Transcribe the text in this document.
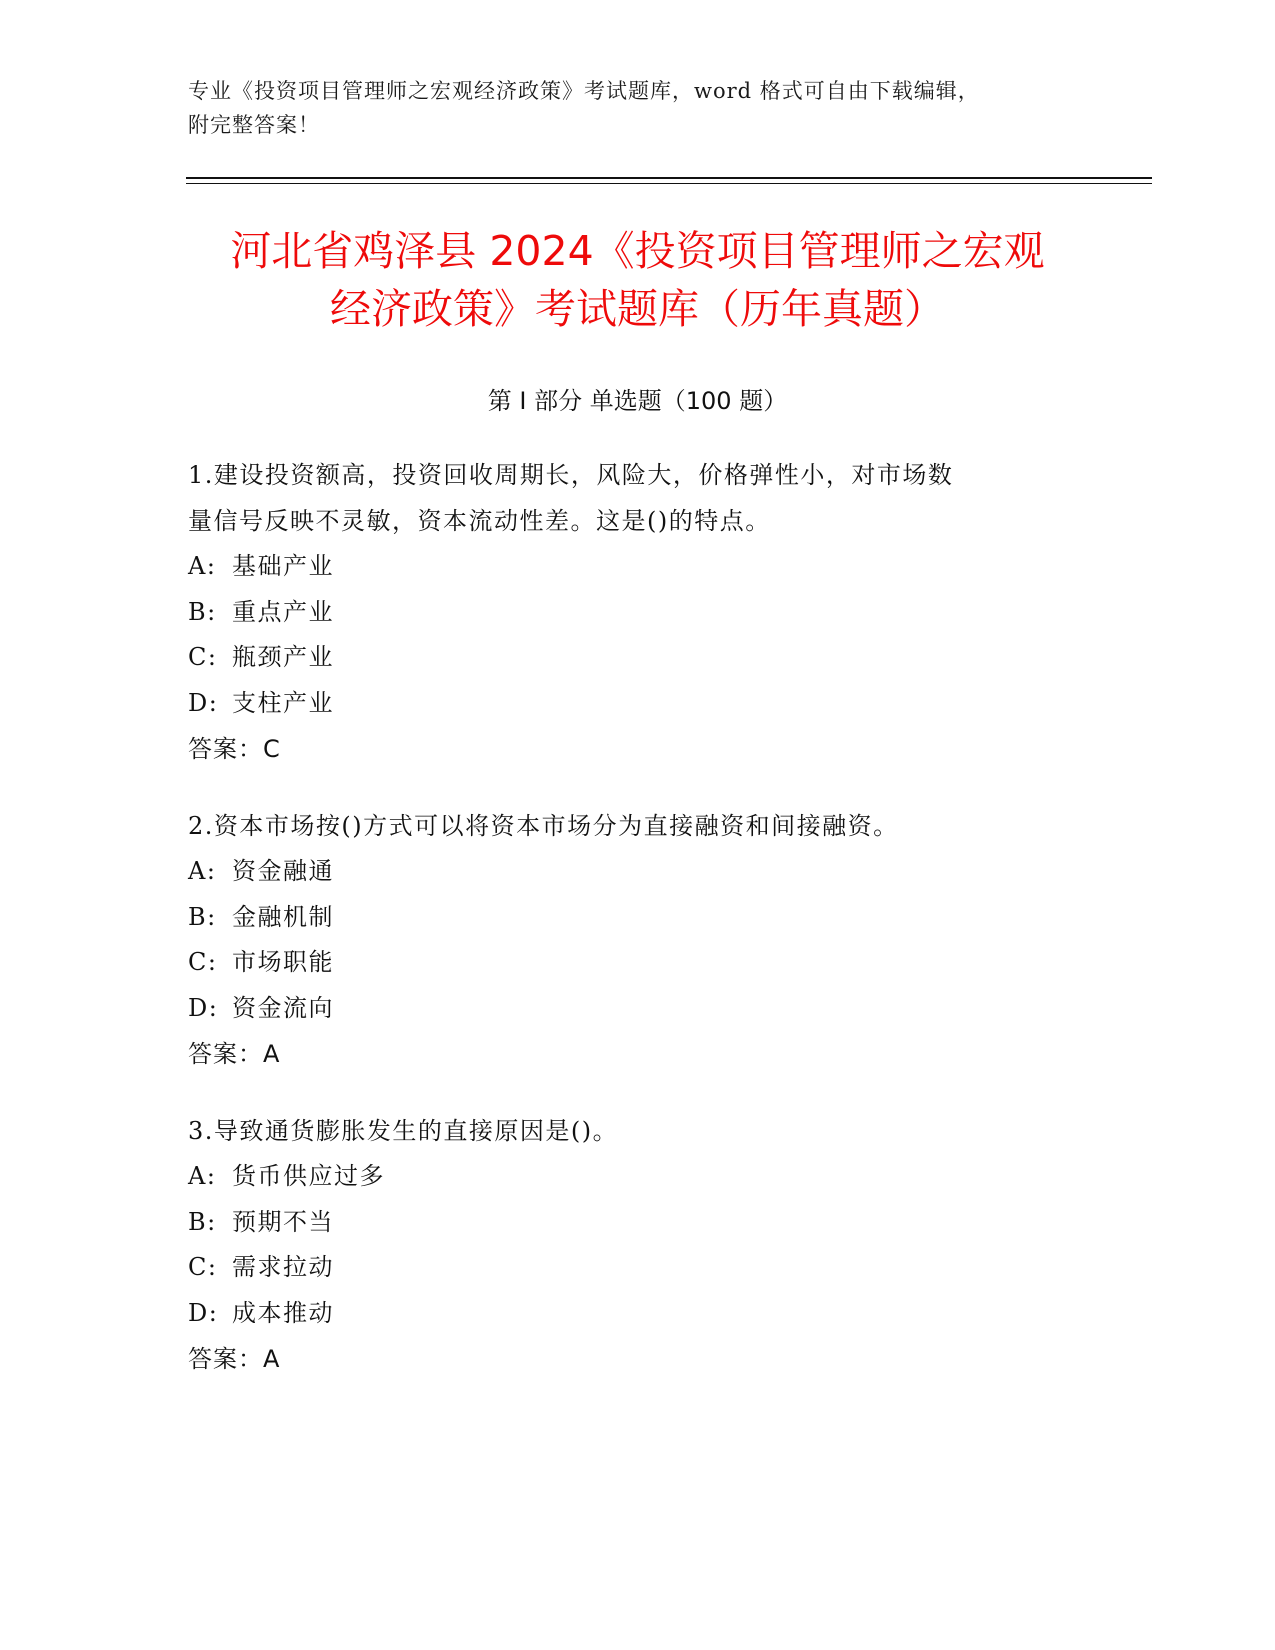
专业《投资项目管理师之宏观经济政策》考试题库，word 格式可自由下载编辑，
附完整答案！
河北省鸡泽县 2024《投资项目管理师之宏观
经济政策》考试题库（历年真题）
第 I 部分 单选题（100 题）
1.建设投资额高，投资回收周期长，风险大，价格弹性小，对市场数
量信号反映不灵敏，资本流动性差。这是()的特点。
A: 基础产业
B: 重点产业
C: 瓶颈产业
D: 支柱产业
答案：C
2.资本市场按()方式可以将资本市场分为直接融资和间接融资。
A: 资金融通
B: 金融机制
C: 市场职能
D: 资金流向
答案：A
3.导致通货膨胀发生的直接原因是()。
A: 货币供应过多
B: 预期不当
C: 需求拉动
D: 成本推动
答案：A
